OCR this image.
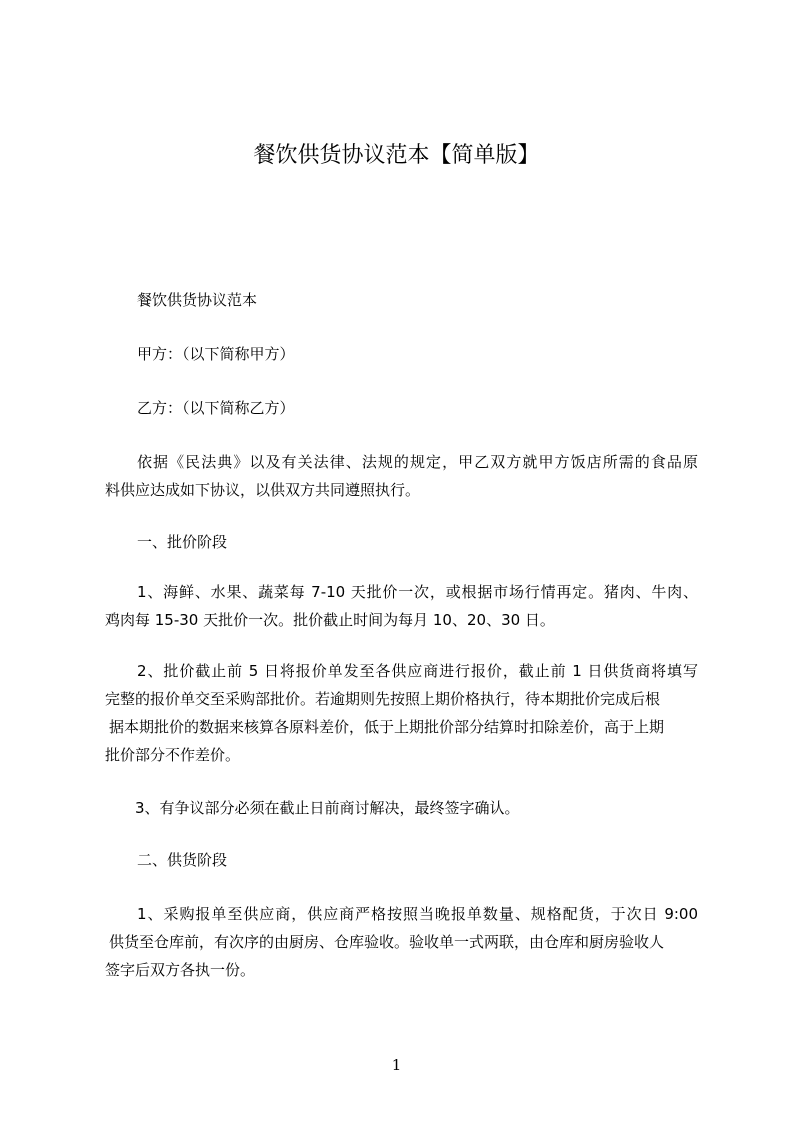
餐饮供货协议范本【简单版】

餐饮供货协议范本

甲方：（以下简称甲方）

乙方：（以下简称乙方）

依据《民法典》以及有关法律、法规的规定，甲乙双方就甲方饭店所需的食品原
料供应达成如下协议，以供双方共同遵照执行。

一、批价阶段

1、海鲜、水果、蔬菜每 7-10 天批价一次，或根据市场行情再定。猪肉、牛肉、
鸡肉每 15-30 天批价一次。批价截止时间为每月 10、20、30 日。

2、批价截止前 5 日将报价单发至各供应商进行报价，截止前 1 日供货商将填写
完整的报价单交至采购部批价。若逾期则先按照上期价格执行，待本期批价完成后根
据本期批价的数据来核算各原料差价，低于上期批价部分结算时扣除差价，高于上期
批价部分不作差价。

3、有争议部分必须在截止日前商讨解决，最终签字确认。

二、供货阶段

1、采购报单至供应商，供应商严格按照当晚报单数量、规格配货，于次日 9:00
供货至仓库前，有次序的由厨房、仓库验收。验收单一式两联，由仓库和厨房验收人
签字后双方各执一份。

1
